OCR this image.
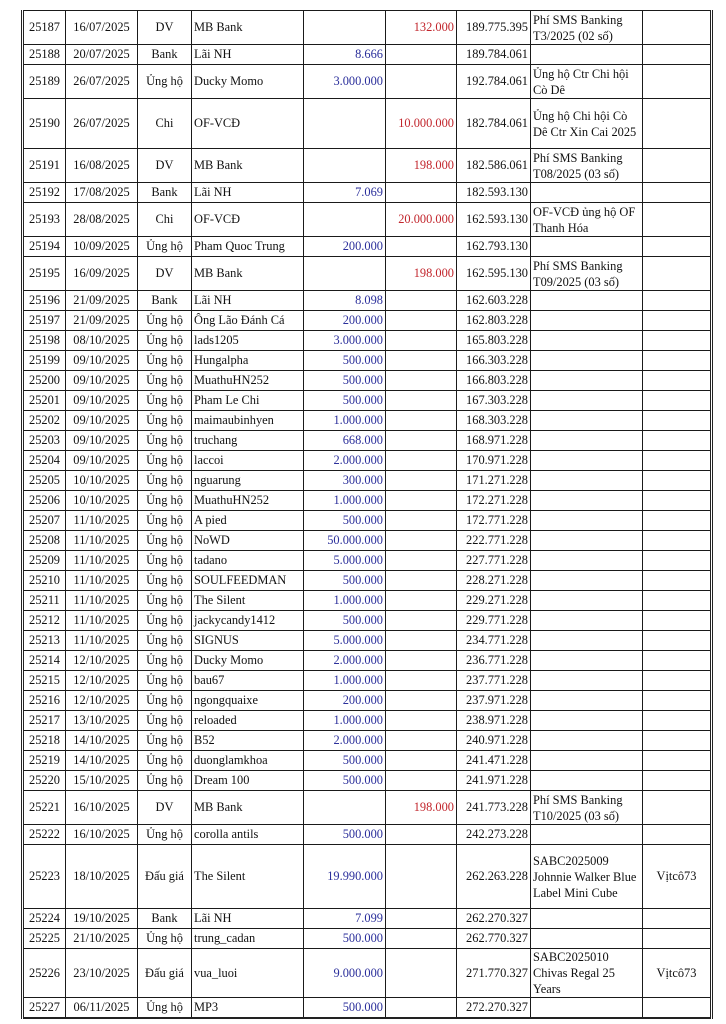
25187	16/07/2025	DV	MB Bank		132.000	189.775.395	Phí SMS Banking T3/2025 (02 số)	
25188	20/07/2025	Bank	Lãi NH	8.666		189.784.061		
25189	26/07/2025	Ủng hộ	Ducky Momo	3.000.000		192.784.061	Ủng hộ Ctr Chi hội Cò Dê	
25190	26/07/2025	Chi	OF-VCĐ		10.000.000	182.784.061	Ủng hộ Chi hội Cò Dê Ctr Xin Cai 2025	
25191	16/08/2025	DV	MB Bank		198.000	182.586.061	Phí SMS Banking T08/2025 (03 số)	
25192	17/08/2025	Bank	Lãi NH	7.069		182.593.130		
25193	28/08/2025	Chi	OF-VCĐ		20.000.000	162.593.130	OF-VCĐ ủng hộ OF Thanh Hóa	
25194	10/09/2025	Ủng hộ	Pham Quoc Trung	200.000		162.793.130		
25195	16/09/2025	DV	MB Bank		198.000	162.595.130	Phí SMS Banking T09/2025 (03 số)	
25196	21/09/2025	Bank	Lãi NH	8.098		162.603.228		
25197	21/09/2025	Ủng hộ	Ông Lão Đánh Cá	200.000		162.803.228		
25198	08/10/2025	Ủng hộ	lads1205	3.000.000		165.803.228		
25199	09/10/2025	Ủng hộ	Hungalpha	500.000		166.303.228		
25200	09/10/2025	Ủng hộ	MuathuHN252	500.000		166.803.228		
25201	09/10/2025	Ủng hộ	Pham Le Chi	500.000		167.303.228		
25202	09/10/2025	Ủng hộ	maimaubinhyen	1.000.000		168.303.228		
25203	09/10/2025	Ủng hộ	truchang	668.000		168.971.228		
25204	09/10/2025	Ủng hộ	laccoi	2.000.000		170.971.228		
25205	10/10/2025	Ủng hộ	nguarung	300.000		171.271.228		
25206	10/10/2025	Ủng hộ	MuathuHN252	1.000.000		172.271.228		
25207	11/10/2025	Ủng hộ	A pied	500.000		172.771.228		
25208	11/10/2025	Ủng hộ	NoWD	50.000.000		222.771.228		
25209	11/10/2025	Ủng hộ	tadano	5.000.000		227.771.228		
25210	11/10/2025	Ủng hộ	SOULFEEDMAN	500.000		228.271.228		
25211	11/10/2025	Ủng hộ	The Silent	1.000.000		229.271.228		
25212	11/10/2025	Ủng hộ	jackycandy1412	500.000		229.771.228		
25213	11/10/2025	Ủng hộ	SIGNUS	5.000.000		234.771.228		
25214	12/10/2025	Ủng hộ	Ducky Momo	2.000.000		236.771.228		
25215	12/10/2025	Ủng hộ	bau67	1.000.000		237.771.228		
25216	12/10/2025	Ủng hộ	ngongquaixe	200.000		237.971.228		
25217	13/10/2025	Ủng hộ	reloaded	1.000.000		238.971.228		
25218	14/10/2025	Ủng hộ	B52	2.000.000		240.971.228		
25219	14/10/2025	Ủng hộ	duonglamkhoa	500.000		241.471.228		
25220	15/10/2025	Ủng hộ	Dream 100	500.000		241.971.228		
25221	16/10/2025	DV	MB Bank		198.000	241.773.228	Phí SMS Banking T10/2025 (03 số)	
25222	16/10/2025	Ủng hộ	corolla antils	500.000		242.273.228		
25223	18/10/2025	Đấu giá	The Silent	19.990.000		262.263.228	SABC2025009 Johnnie Walker Blue Label Mini Cube	Vịtcô73
25224	19/10/2025	Bank	Lãi NH	7.099		262.270.327		
25225	21/10/2025	Ủng hộ	trung_cadan	500.000		262.770.327		
25226	23/10/2025	Đấu giá	vua_luoi	9.000.000		271.770.327	SABC2025010 Chivas Regal 25 Years	Vịtcô73
25227	06/11/2025	Ủng hộ	MP3	500.000		272.270.327		
